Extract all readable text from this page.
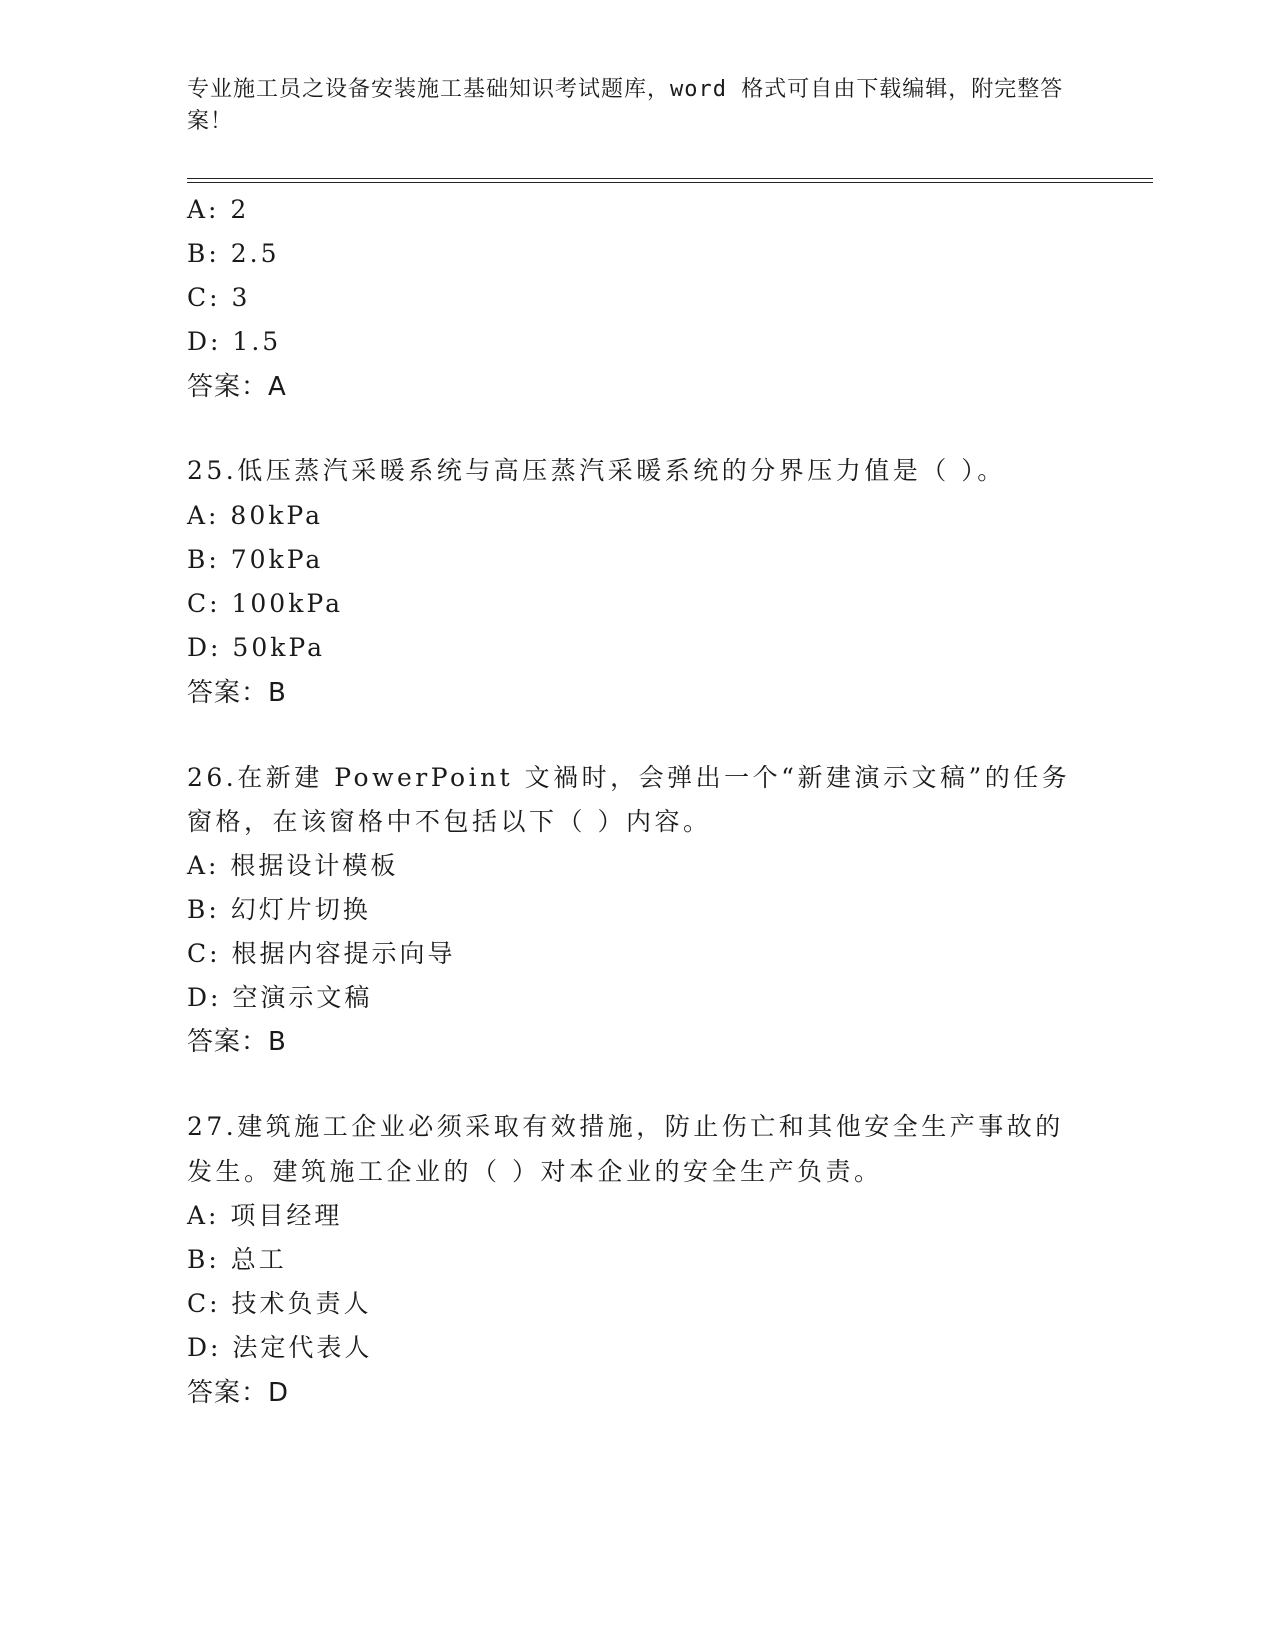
专业施工员之设备安装施工基础知识考试题库，word 格式可自由下载编辑，附完整答案！
A: 2
B: 2.5
C: 3
D: 1.5
答案：A
25.低压蒸汽采暖系统与高压蒸汽采暖系统的分界压力值是（ ）。
A: 80kPa
B: 70kPa
C: 100kPa
D: 50kPa
答案：B
26.在新建 PowerPoint 文禍时，会弹出一个“新建演示文稿”的任务
窗格，在该窗格中不包括以下（ ）内容。
A: 根据设计模板
B: 幻灯片切换
C: 根据内容提示向导
D: 空演示文稿
答案：B
27.建筑施工企业必须采取有效措施，防止伤亡和其他安全生产事故的
发生。建筑施工企业的（ ）对本企业的安全生产负责。
A: 项目经理
B: 总工
C: 技术负责人
D: 法定代表人
答案：D
